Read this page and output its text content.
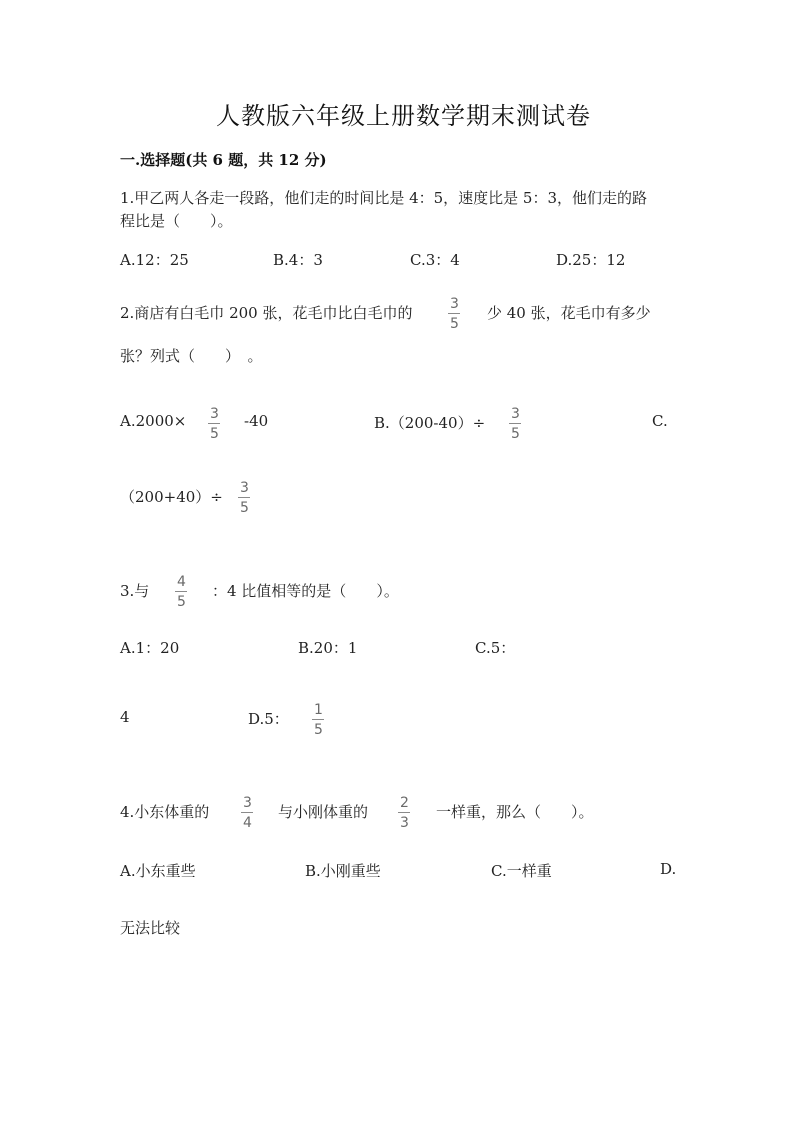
人教版六年级上册数学期末测试卷
一.选择题(共 6 题，共 12 分)
1.甲乙两人各走一段路，他们走的时间比是 4：5，速度比是 5：3，他们走的路
程比是（　　）。
A.12：25	B.4：3	C.3：4	D.25：12
2.商店有白毛巾 200 张，花毛巾比白毛巾的	3
5
少 40 张，花毛巾有多少
张？列式（　　）　。
A.2000× 3
5
-40	B.（200-40）÷ 3
5
C.
（200+40）÷ 3
5
3.与 4
5
：4 比值相等的是（　　）。
A.1：20	B.20：1	C.5：
4	D.5： 1
5
4.小东体重的 3
4
与小刚体重的 2
3
一样重，那么（　　）。
A.小东重些	B.小刚重些	C.一样重	D.
无法比较
